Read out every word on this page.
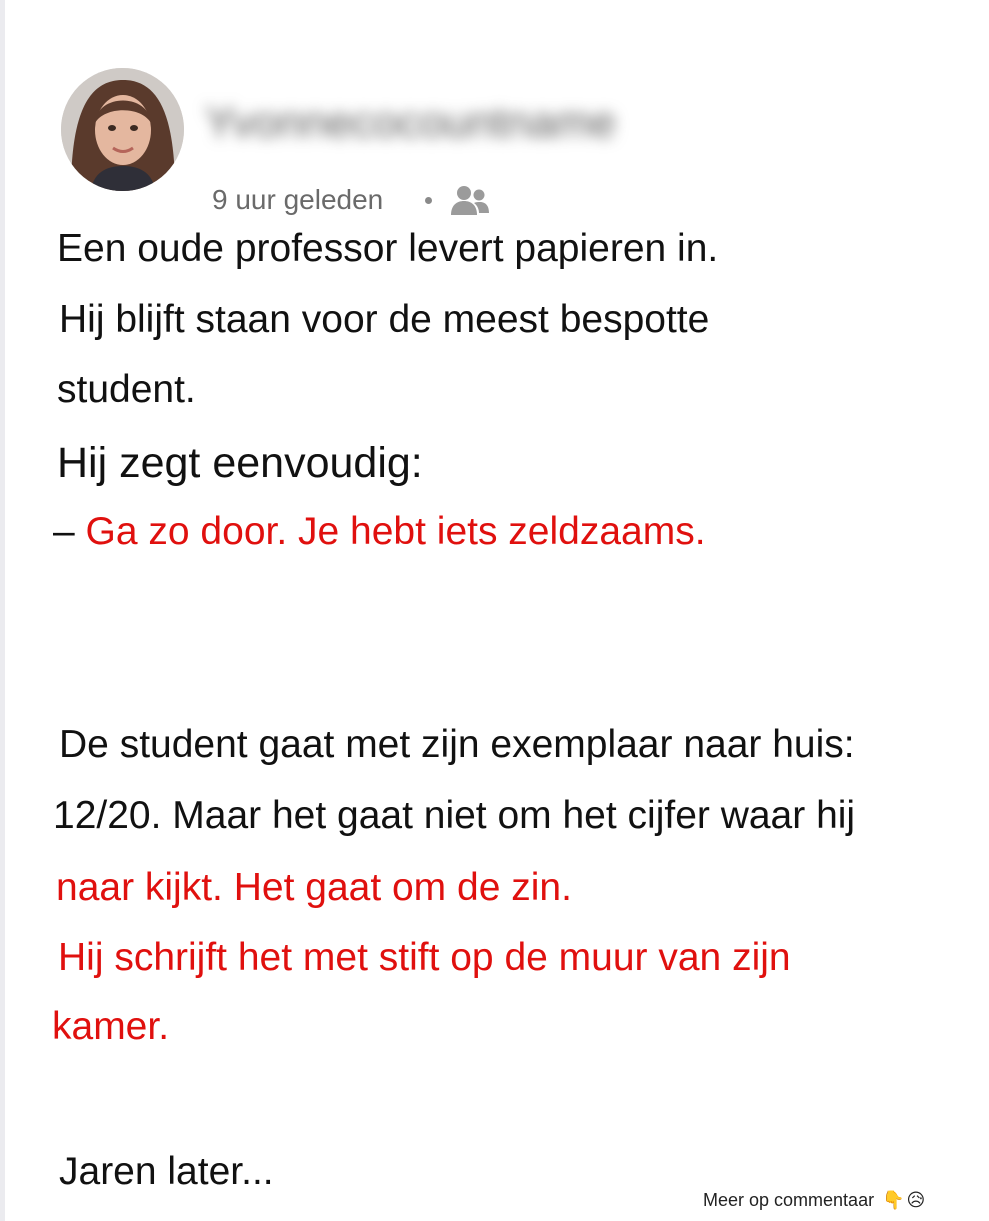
Yvonnecocountname
9 uur geleden

Een oude professor levert papieren in.

Hij blijft staan voor de meest bespotte

student.

Hij zegt eenvoudig:

– Ga zo door. Je hebt iets zeldzaams.

De student gaat met zijn exemplaar naar huis:

12/20. Maar het gaat niet om het cijfer waar hij

naar kijkt. Het gaat om de zin.

Hij schrijft het met stift op de muur van zijn

kamer.

Jaren later...

Meer op commentaar 👇 😥
